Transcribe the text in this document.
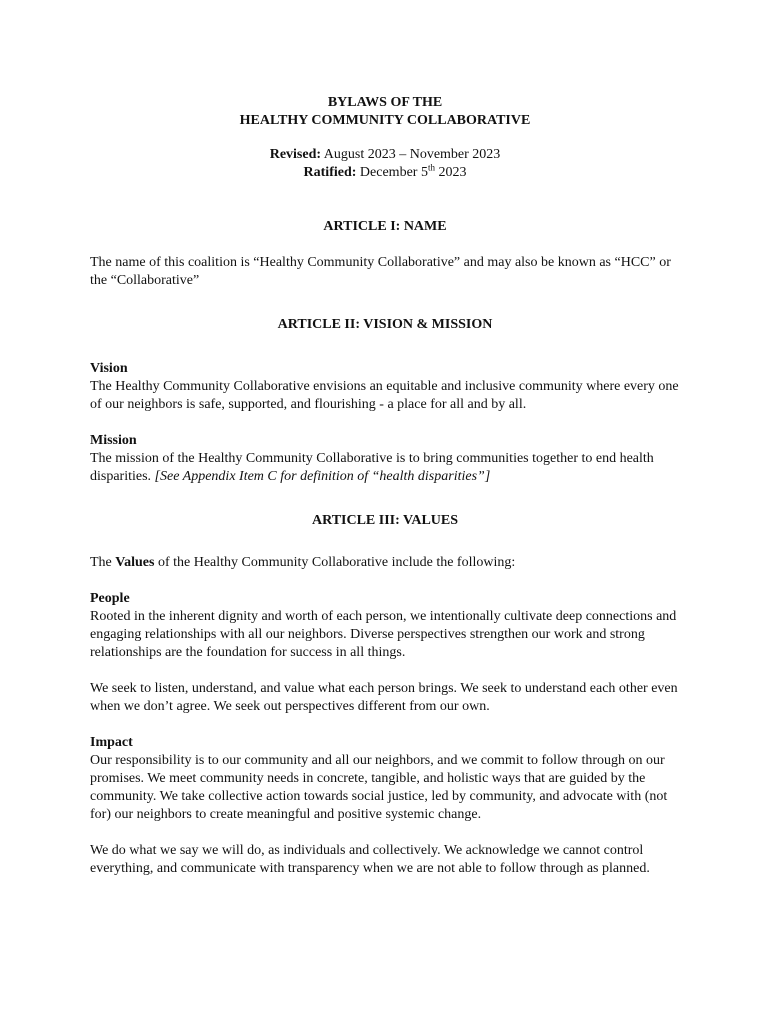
BYLAWS OF THE

HEALTHY COMMUNITY COLLABORATIVE

Revised: August 2023 – November 2023

Ratified: December 5th 2023

ARTICLE I: NAME

The name of this coalition is “Healthy Community Collaborative” and may also be known as “HCC” or the “Collaborative”

ARTICLE II: VISION & MISSION

Vision

The Healthy Community Collaborative envisions an equitable and inclusive community where every one of our neighbors is safe, supported, and flourishing - a place for all and by all.

Mission

The mission of the Healthy Community Collaborative is to bring communities together to end health disparities. [See Appendix Item C for definition of “health disparities”]

ARTICLE III: VALUES

The Values of the Healthy Community Collaborative include the following:

People

Rooted in the inherent dignity and worth of each person, we intentionally cultivate deep connections and engaging relationships with all our neighbors. Diverse perspectives strengthen our work and strong relationships are the foundation for success in all things.

We seek to listen, understand, and value what each person brings. We seek to understand each other even when we don’t agree. We seek out perspectives different from our own.

Impact

Our responsibility is to our community and all our neighbors, and we commit to follow through on our promises. We meet community needs in concrete, tangible, and holistic ways that are guided by the community. We take collective action towards social justice, led by community, and advocate with (not for) our neighbors to create meaningful and positive systemic change.

We do what we say we will do, as individuals and collectively. We acknowledge we cannot control everything, and communicate with transparency when we are not able to follow through as planned.
